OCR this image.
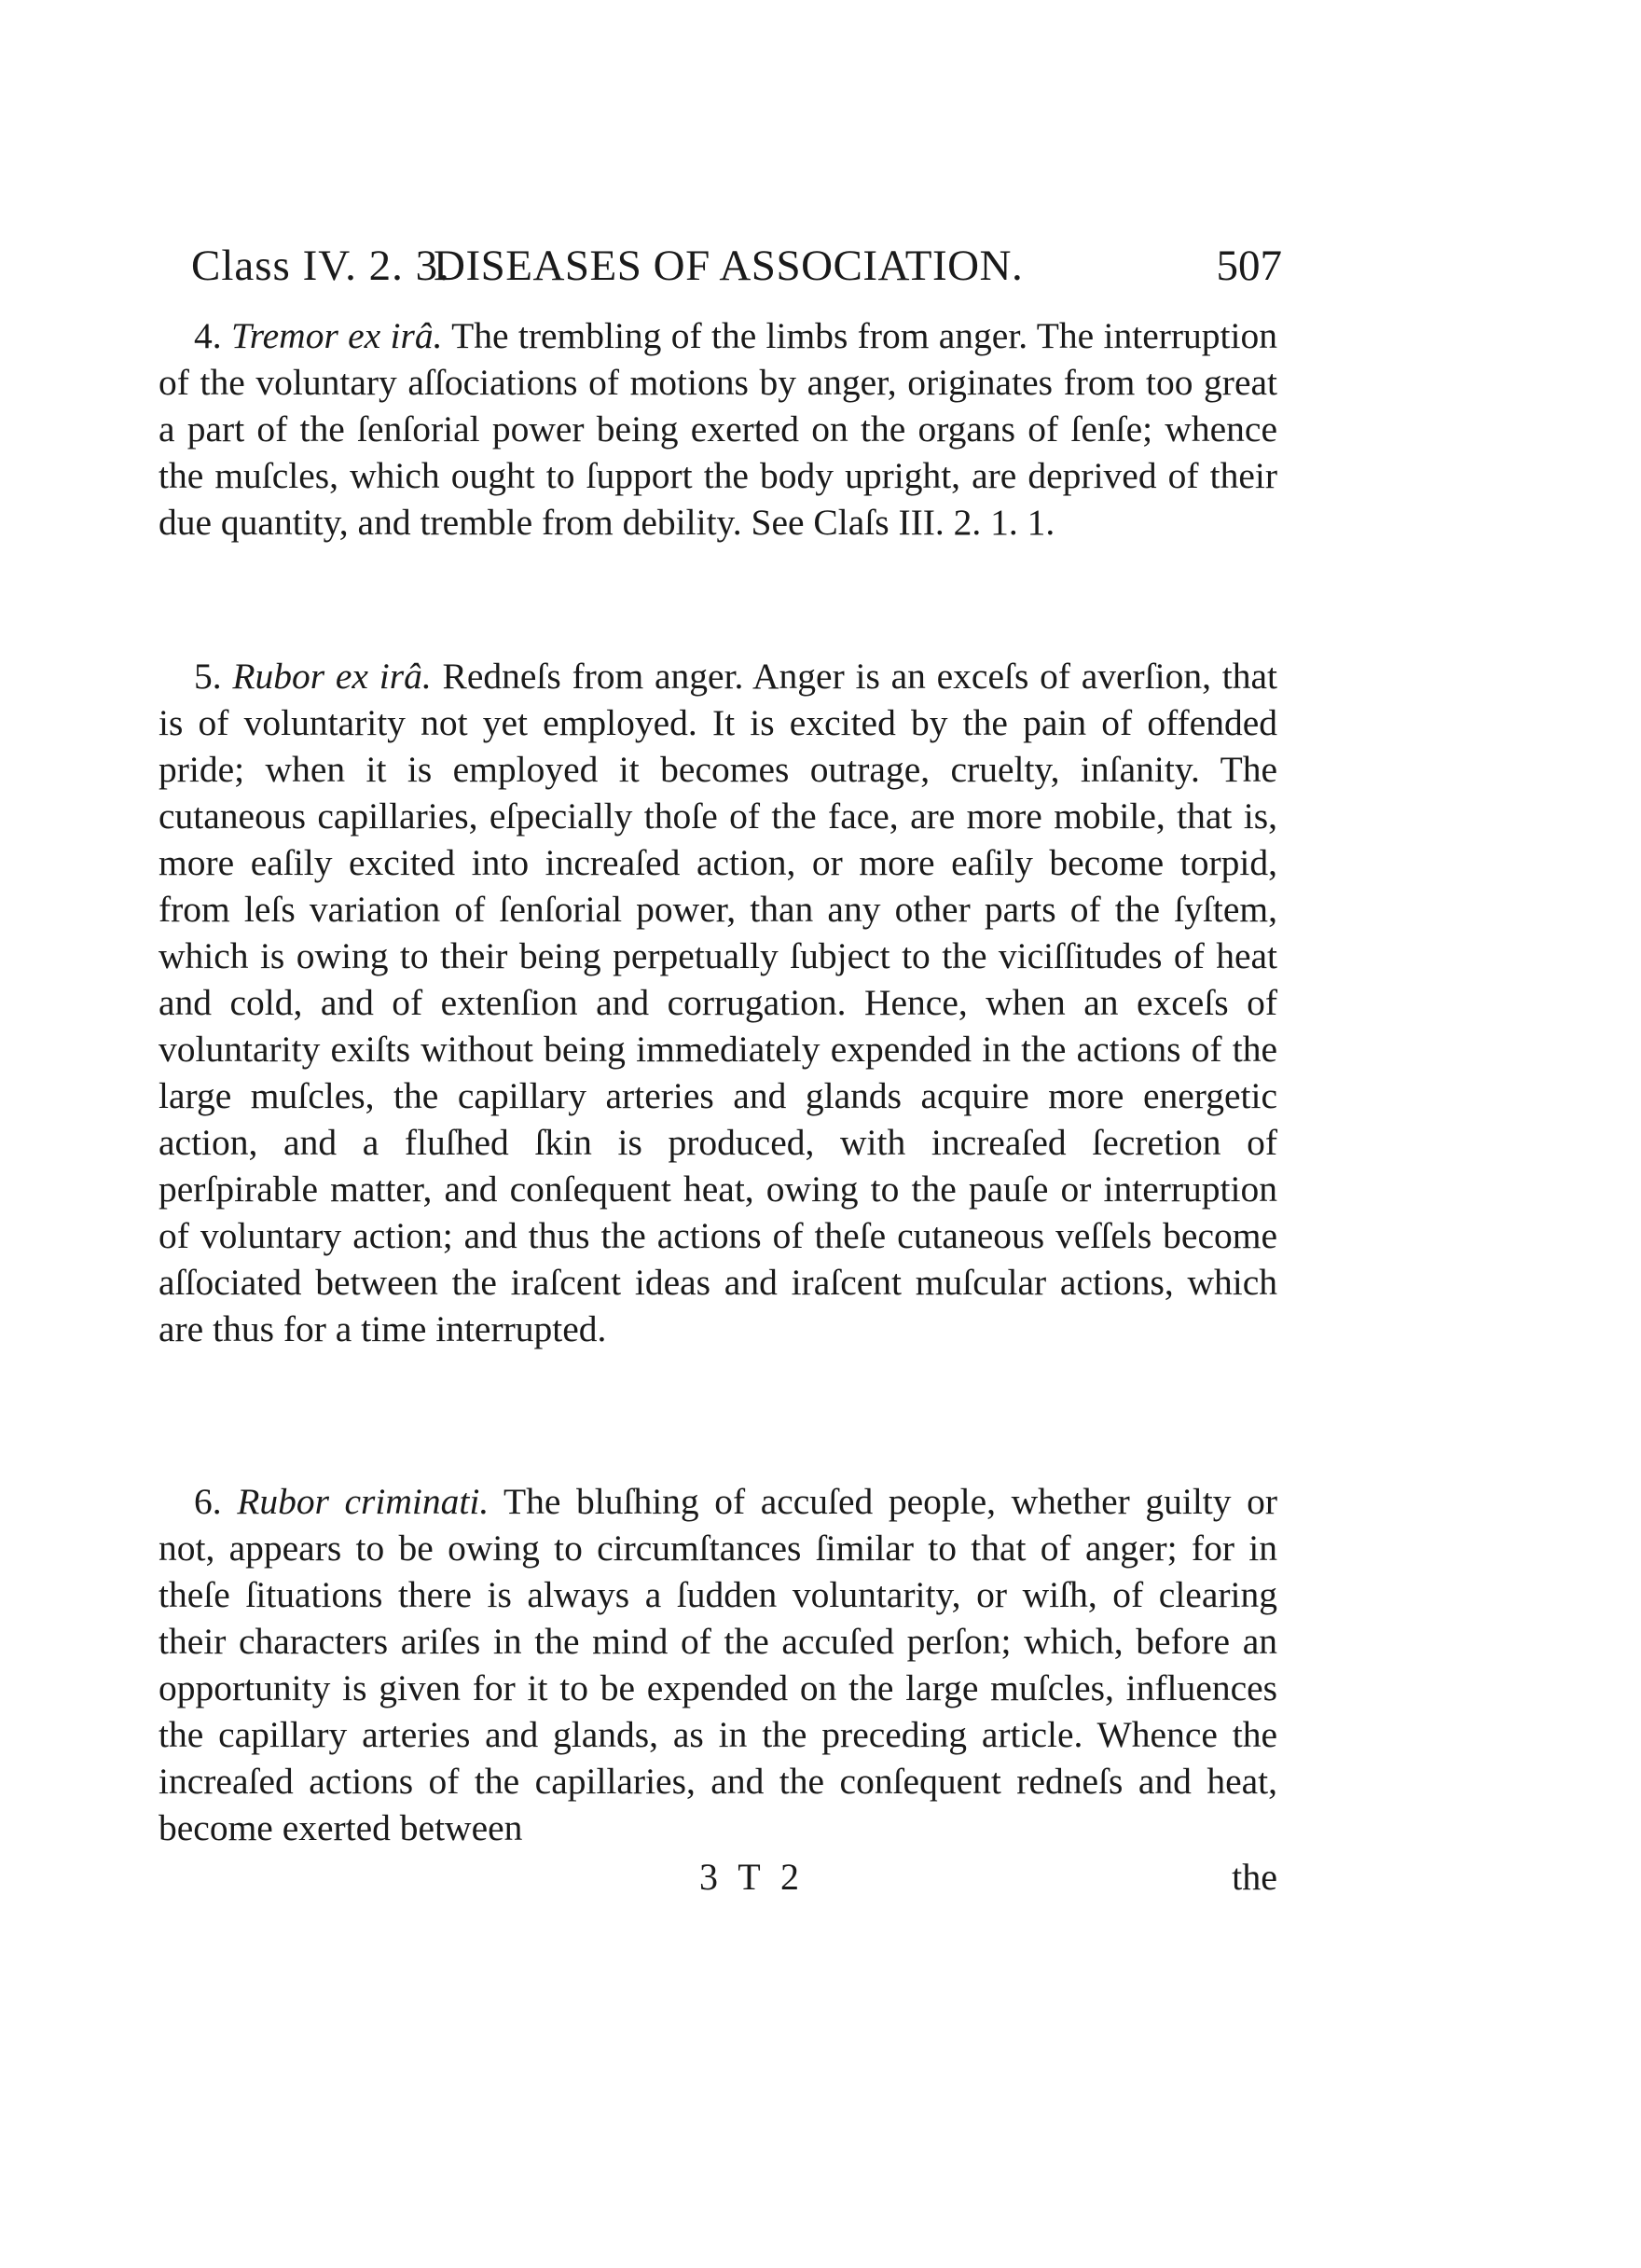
Class IV. 2. 3.
DISEASES OF ASSOCIATION.	507

4. Tremor ex irâ. The trembling of the limbs from anger. The interruption of the voluntary aſſociations of motions by anger, originates from too great a part of the ſenſorial power being exerted on the organs of ſenſe; whence the muſcles, which ought to ſupport the body upright, are deprived of their due quantity, and tremble from debility. See Claſs III. 2. 1. 1.

5. Rubor ex irâ. Redneſs from anger. Anger is an exceſs of averſion, that is of voluntarity not yet employed. It is excited by the pain of offended pride; when it is employed it becomes outrage, cruelty, inſanity. The cutaneous capillaries, eſpecially thoſe of the face, are more mobile, that is, more eaſily excited into increaſed action, or more eaſily become torpid, from leſs variation of ſenſorial power, than any other parts of the ſyſtem, which is owing to their being perpetually ſubject to the viciſſitudes of heat and cold, and of extenſion and corrugation. Hence, when an exceſs of voluntarity exiſts without being immediately expended in the actions of the large muſcles, the capillary arteries and glands acquire more energetic action, and a fluſhed ſkin is produced, with increaſed ſecretion of perſpirable matter, and conſequent heat, owing to the pauſe or interruption of voluntary action; and thus the actions of theſe cutaneous veſſels become aſſociated between the iraſcent ideas and iraſcent muſcular actions, which are thus for a time interrupted.

6. Rubor criminati. The bluſhing of accuſed people, whether guilty or not, appears to be owing to circumſtances ſimilar to that of anger; for in theſe ſituations there is always a ſudden voluntarity, or wiſh, of clearing their characters ariſes in the mind of the accuſed perſon; which, before an opportunity is given for it to be expended on the large muſcles, influences the capillary arteries and glands, as in the preceding article. Whence the increaſed actions of the capillaries, and the conſequent redneſs and heat, become exerted between

3 T 2	the
